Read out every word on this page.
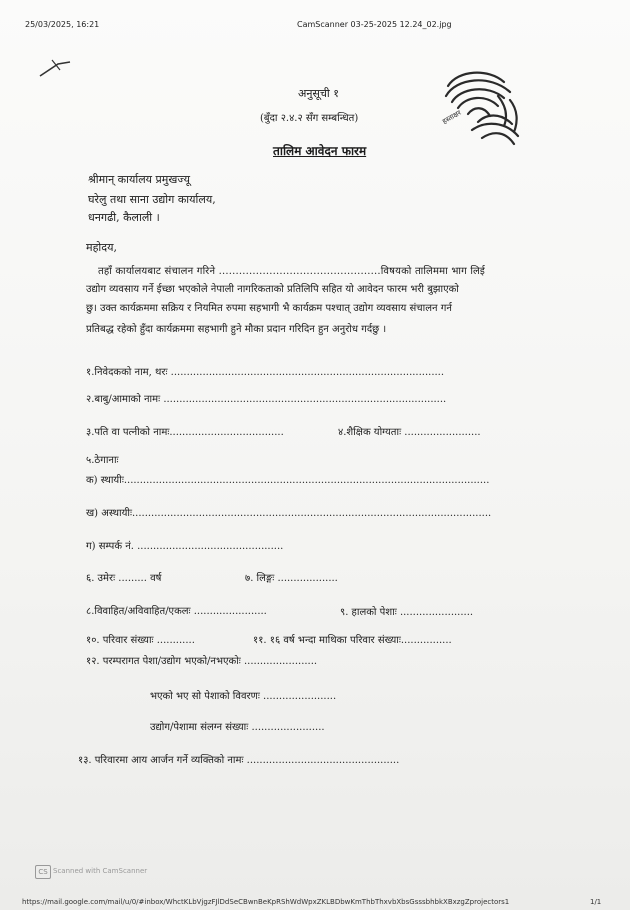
25/03/2025, 16:21	CamScanner 03-25-2025 12.24_02.jpg
हस्ताक्षर
अनुसूची १
(बुँदा २.४.२ सँग सम्बन्धित)
तालिम आवेदन फारम
श्रीमान् कार्यालय प्रमुखज्यू
घरेलु तथा साना उद्योग कार्यालय,
धनगढी, कैलाली ।
महोदय,
तहाँ कार्यालयबाट संचालन गरिने ................................................विषयको तालिममा भाग लिई
उद्योग व्यवसाय गर्ने ईच्छा भएकोले नेपाली नागरिकताको प्रतिलिपि सहित यो आवेदन फारम भरी बुझाएको
छु। उक्त कार्यक्रममा सक्रिय र नियमित रुपमा सहभागी भै कार्यक्रम पश्चात् उद्योग व्यवसाय संचालन गर्न
प्रतिबद्ध रहेको हुँदा कार्यक्रममा सहभागी हुने मौका प्रदान गरिदिन हुन अनुरोध गर्दछु ।
१.निवेदकको नाम, थरः ......................................................................................
२.बाबु/आमाको नामः .........................................................................................
३.पति वा पत्नीको नामः....................................	४.शैक्षिक योग्यताः ........................
५.ठेगानाः
क) स्थायीः...................................................................................................................
ख) अस्थायीः.................................................................................................................
ग) सम्पर्क नं. ..............................................
६. उमेरः ......... वर्ष	७. लिङ्गः ...................
८.विवाहित/अविवाहित/एकलः .......................	९. हालको पेशाः .......................
१०. परिवार संख्याः ............	११. १६ वर्ष भन्दा माथिका परिवार संख्याः................
१२. परम्परागत पेशा/उद्योग भएको/नभएकोः .......................
भएको भए सो पेशाको विवरणः .......................
उद्योग/पेशामा संलग्न संख्याः .......................
१३. परिवारमा आय आर्जन गर्ने व्यक्तिको नामः ................................................
CS Scanned with CamScanner
https://mail.google.com/mail/u/0/#inbox/WhctKLbVjgzFJlDdSeCBwnBeKpRShWdWpxZKLBDbwKmThbThxvbXbsGsssbhbkXBxzgZprojectors1	1/1
